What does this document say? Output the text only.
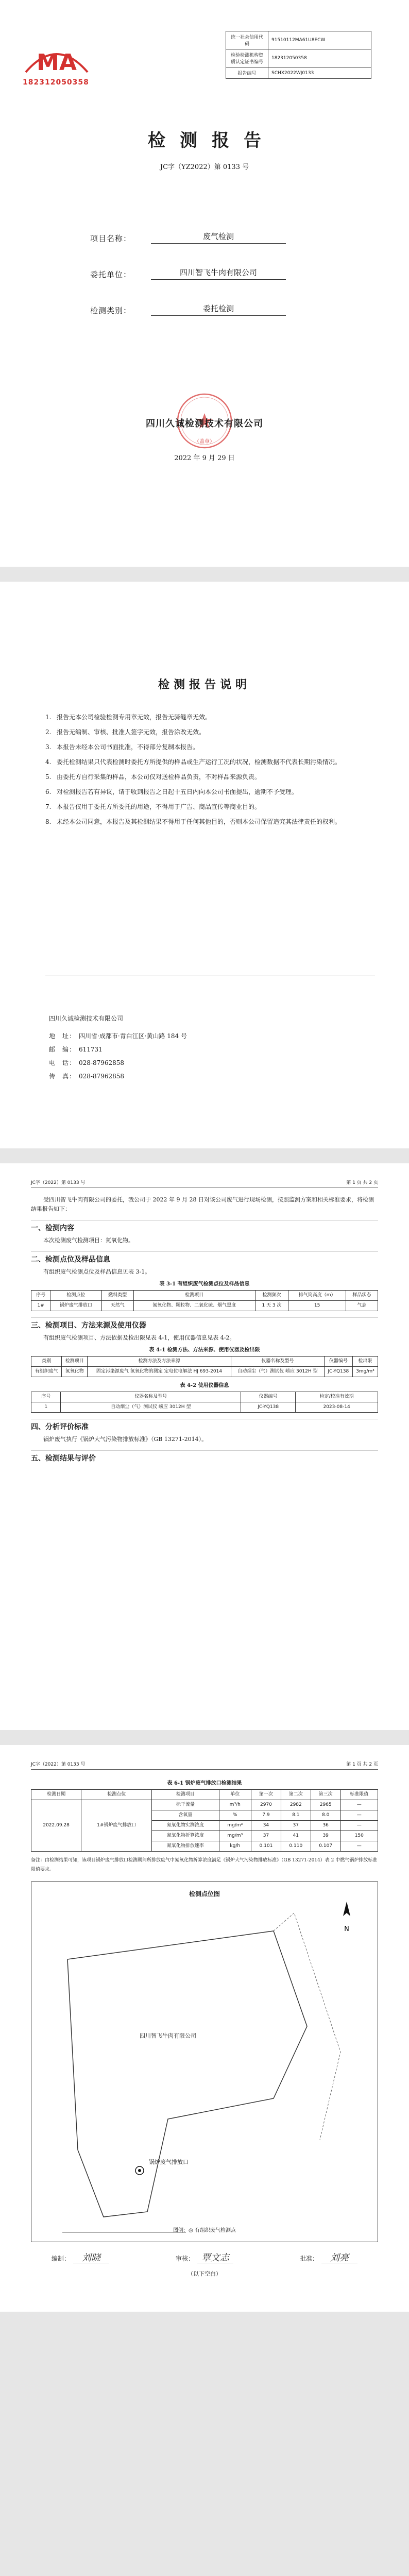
MA
182312050358
统一社会信用代码	91510112MA61U8ECW
检验检测机构资质认定证书编号	182312050358
报告编号	SCHX2022WJ0133
检测报告
JC字（YZ2022）第 0133 号
项目名称：	废气检测
委托单位：	四川智飞牛肉有限公司
检测类别：	委托检测
四川久诚检测技术有限公司
（盖章）
2022 年 9 月 29 日
检测报告说明
1. 报告无本公司检验检测专用章无效，报告无骑缝章无效。
2. 报告无编制、审核、批准人签字无效，报告涂改无效。
3. 本报告未经本公司书面批准，不得部分复制本报告。
4. 委托检测结果只代表检测时委托方所提供的样品或生产运行工况的状况，检测数据不代表长期污染情况。
5. 由委托方自行采集的样品，本公司仅对送检样品负责，不对样品来源负责。
6. 对检测报告若有异议，请于收到报告之日起十五日内向本公司书面提出，逾期不予受理。
7. 本报告仅用于委托方所委托的用途，不得用于广告、商品宣传等商业目的。
8. 未经本公司同意，本报告及其检测结果不得用于任何其他目的，否则本公司保留追究其法律责任的权利。
四川久诚检测技术有限公司
地　址： 四川省·成都市·青白江区·黄山路 184 号
邮　编： 611731
电　话： 028-87962858
传　真： 028-87962858
JC字（2022）第 0133 号	第 1 页 共 2 页

受四川智飞牛肉有限公司的委托，我公司于 2022 年 9 月 28 日对该公司废气进行现场检测，按照监测方案和相关标准要求，将检测结果报告如下：

一、检测内容

本次检测废气检测项目：氮氧化物。

二、检测点位及样品信息

有组织废气检测点位及样品信息见表 3-1。

表 3-1 有组织废气检测点位及样品信息
序号	检测点位	燃料类型	检测项目	检测频次	排气筒高度（m）	样品状态
1#	锅炉废气排放口	天然气	氮氧化物、颗粒物、二氧化硫、烟气黑度	1 天 3 次	15	气态
三、检测项目、方法来源及使用仪器

有组织废气检测项目、方法依据及检出限见表 4-1，使用仪器信息见表 4-2。

表 4-1 检测方法、方法来源、使用仪器及检出限
类别	检测项目	检测方法及方法来源	仪器名称及型号	仪器编号	检出限
有组织废气	氮氧化物	固定污染源废气 氮氧化物的测定 定电位电解法 HJ 693-2014	自动烟尘（气）测试仪 崂应 3012H 型	JC-YQ138	3mg/m³
表 4-2 使用仪器信息
序号	仪器名称及型号	仪器编号	检定/校准有效期
1	自动烟尘（气）测试仪 崂应 3012H 型	JC-YQ138	2023-08-14
四、分析评价标准

锅炉废气执行《锅炉大气污染物排放标准》（GB 13271-2014）。

五、检测结果与评价
JC字（2022）第 0133 号	第 1 页 共 2 页
表 6-1 锅炉废气排放口检测结果
检测日期	检测点位	检测项目	单位	第一次	第二次	第三次	标准限值
2022.09.28	1#锅炉废气排放口	标干流量	m³/h	2970	2982	2965	—
		含氧量	%	7.9	8.1	8.0	—
		氮氧化物实测浓度	mg/m³	34	37	36	—
		氮氧化物折算浓度	mg/m³	37	41	39	150
		氮氧化物排放速率	kg/h	0.101	0.110	0.107	—
备注：由检测结果可知，该项目锅炉废气排放口检测期间所排放废气中氮氧化物折算浓度满足《锅炉大气污染物排放标准》（GB 13271-2014）表 2 中燃气锅炉排放标准限值要求。
检测点位图
N
四川智飞牛肉有限公司
锅炉废气排放口
图例：◎ 有组织废气检测点
编制： 刘晓	审核： 覃文志	批准： 刘亮
（以下空白）
